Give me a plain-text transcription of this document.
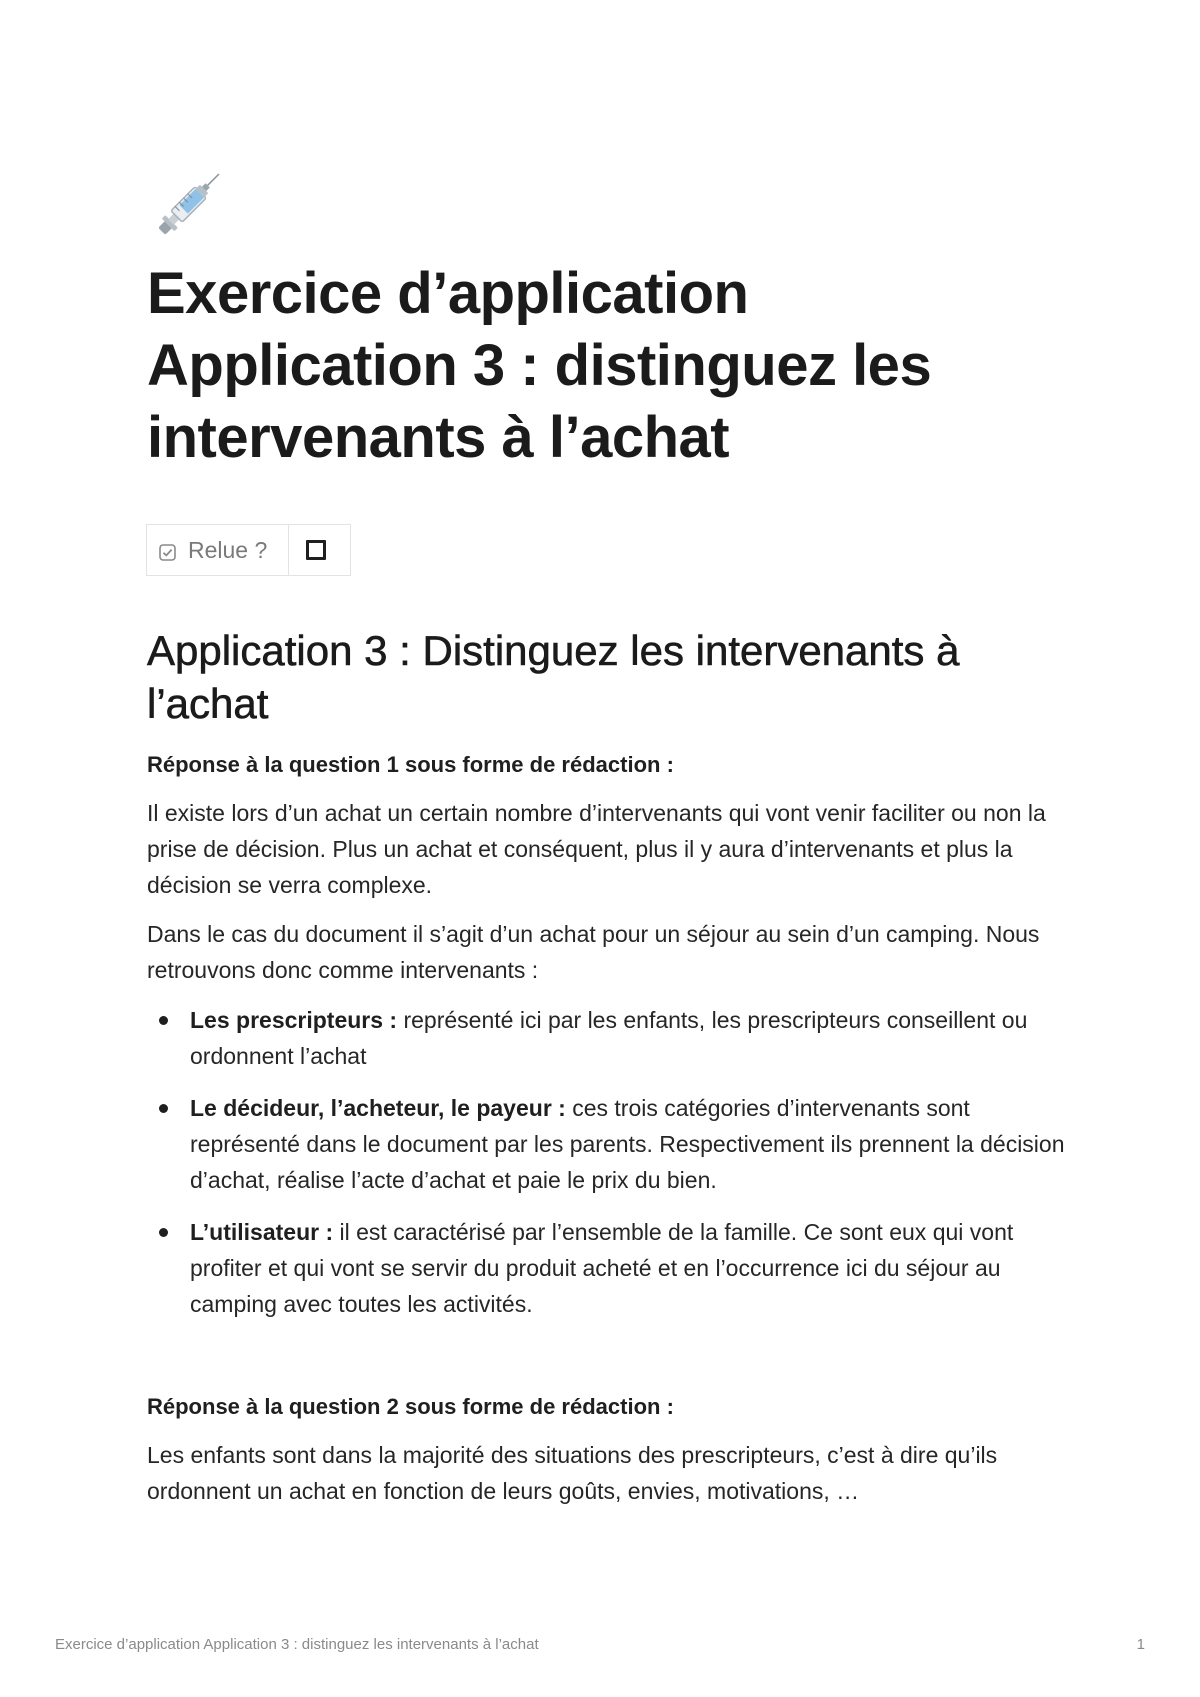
Exercice d’application Application 3 : distinguez les intervenants à l’achat
Relue ?

Application 3 : Distinguez les intervenants à l’achat

Réponse à la question 1 sous forme de rédaction :

Il existe lors d’un achat un certain nombre d’intervenants qui vont venir faciliter ou non la prise de décision. Plus un achat et conséquent, plus il y aura d’intervenants et plus la décision se verra complexe.

Dans le cas du document il s’agit d’un achat pour un séjour au sein d’un camping. Nous retrouvons donc comme intervenants :

Les prescripteurs : représenté ici par les enfants, les prescripteurs conseillent ou ordonnent l’achat
Le décideur, l’acheteur, le payeur : ces trois catégories d’intervenants sont représenté dans le document par les parents. Respectivement ils prennent la décision d’achat, réalise l’acte d’achat et paie le prix du bien.
L’utilisateur : il est caractérisé par l’ensemble de la famille. Ce sont eux qui vont profiter et qui vont se servir du produit acheté et en l’occurrence ici du séjour au camping avec toutes les activités.

Réponse à la question 2 sous forme de rédaction :

Les enfants sont dans la majorité des situations des prescripteurs, c’est à dire qu’ils ordonnent un achat en fonction de leurs goûts, envies, motivations, …

Exercice d’application Application 3 : distinguez les intervenants à l’achat	1
